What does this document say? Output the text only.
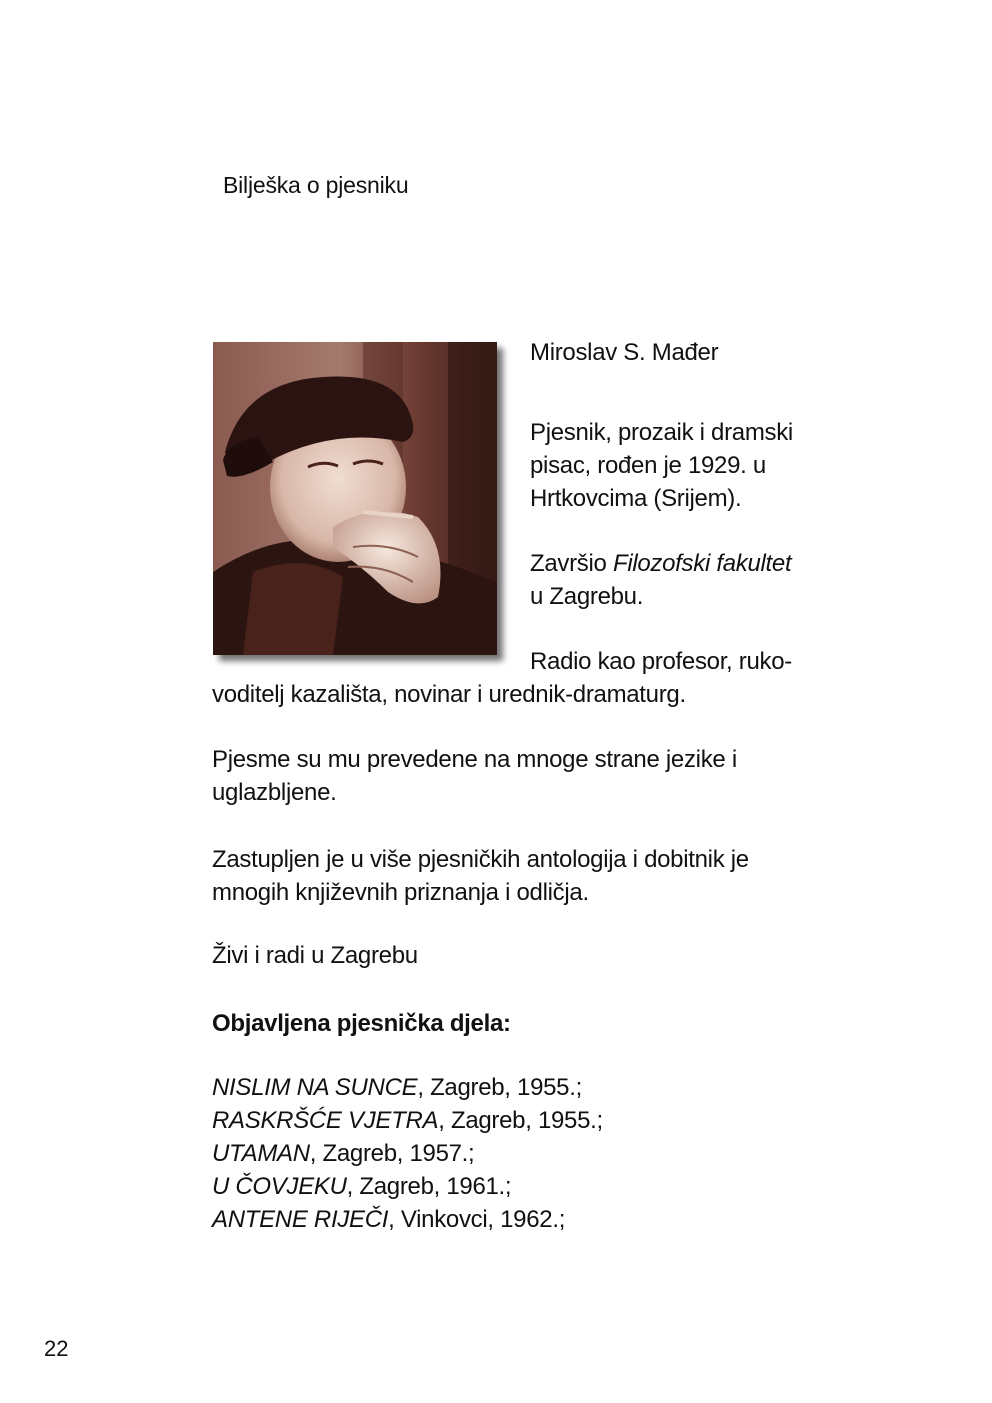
Bilješka o pjesniku
Miroslav S. Mađer
Pjesnik, prozaik i dramski
pisac, rođen je 1929. u
Hrtkovcima (Srijem).
Završio Filozofski fakultet
u Zagrebu.
Radio kao profesor, ruko-
voditelj kazališta, novinar i urednik-dramaturg.
Pjesme su mu prevedene na mnoge strane jezike i
uglazbljene.
Zastupljen je u više pjesničkih antologija i dobitnik je
mnogih književnih priznanja i odličja.
Živi i radi u Zagrebu
Objavljena pjesnička djela:
NISLIM NA SUNCE, Zagreb, 1955.;
RASKRŠĆE VJETRA, Zagreb, 1955.;
UTAMAN, Zagreb, 1957.;
U ČOVJEKU, Zagreb, 1961.;
ANTENE RIJEČI, Vinkovci, 1962.;
22
